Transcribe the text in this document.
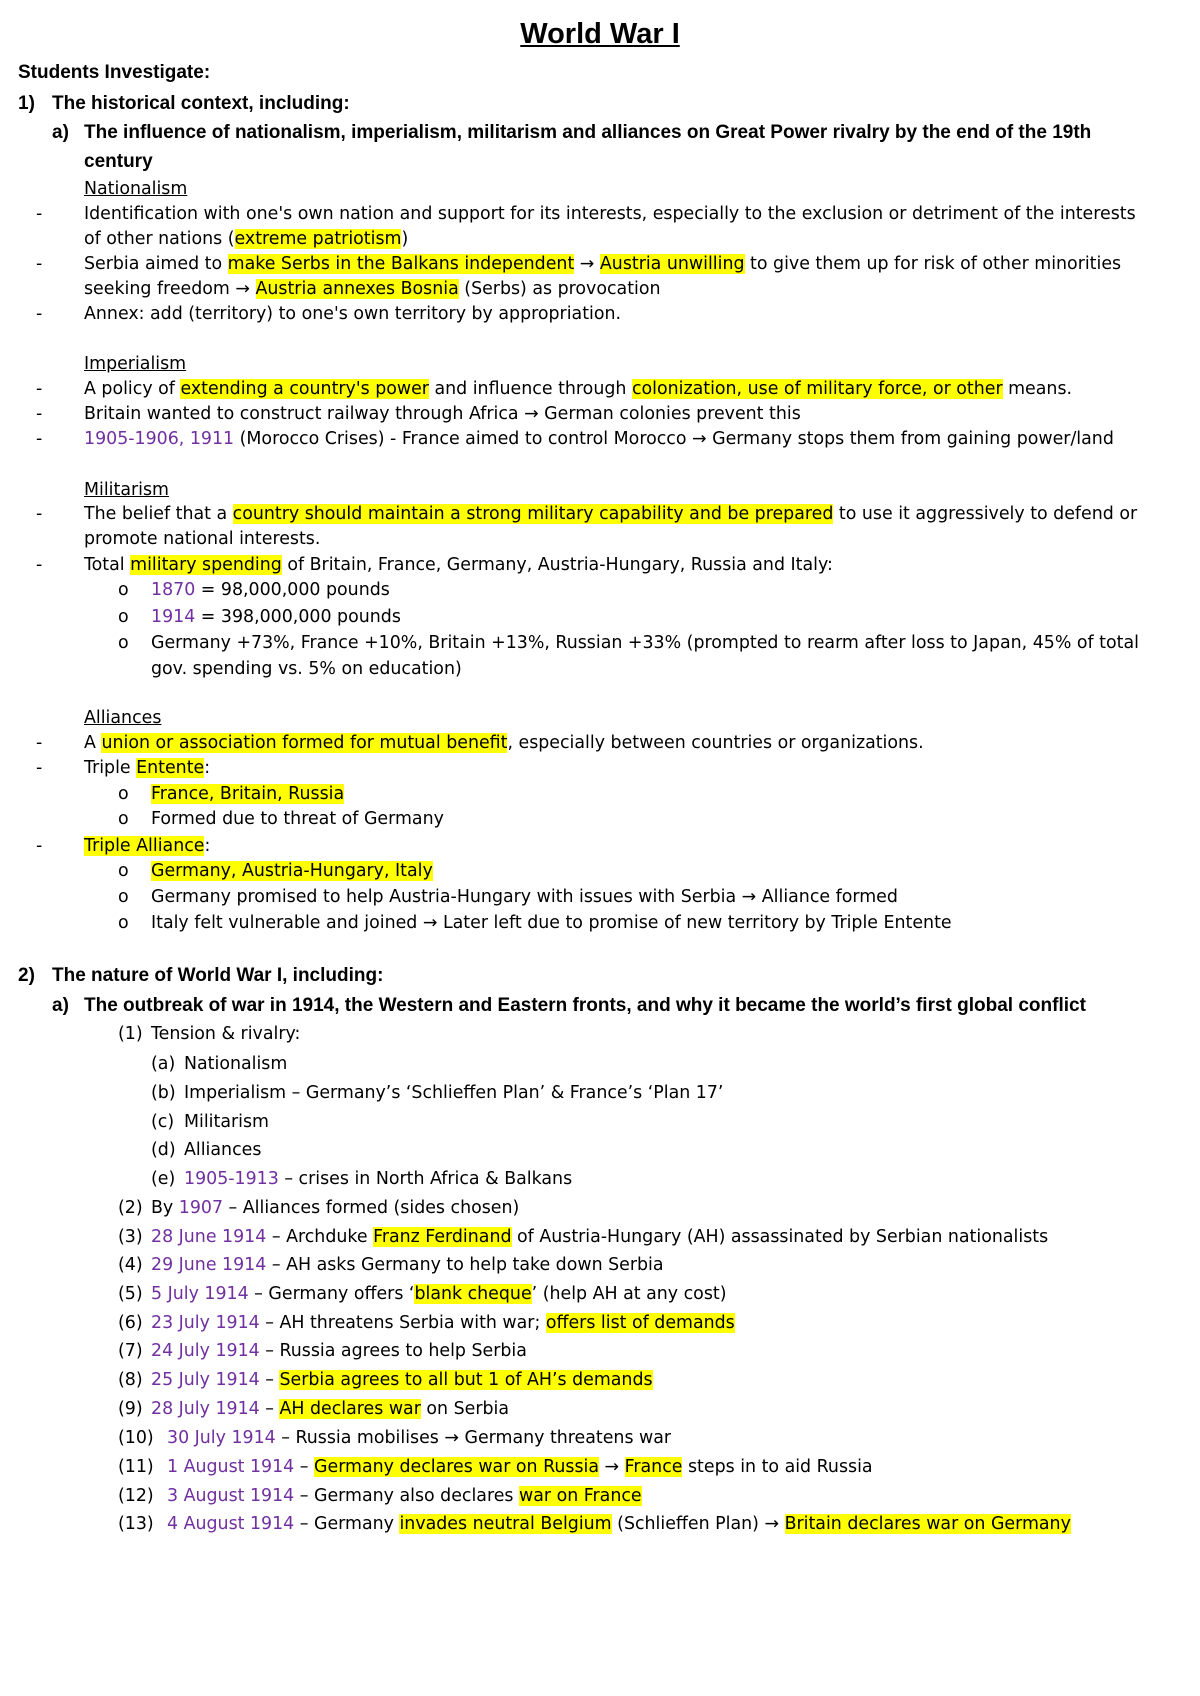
World War I
Students Investigate:
1) The historical context, including:
a) The influence of nationalism, imperialism, militarism and alliances on Great Power rivalry by the end of the 19th
century
Nationalism
- Identification with one's own nation and support for its interests, especially to the exclusion or detriment of the interests
of other nations (extreme patriotism)
- Serbia aimed to make Serbs in the Balkans independent → Austria unwilling to give them up for risk of other minorities
seeking freedom → Austria annexes Bosnia (Serbs) as provocation
- Annex: add (territory) to one's own territory by appropriation.
Imperialism
- A policy of extending a country's power and influence through colonization, use of military force, or other means.
- Britain wanted to construct railway through Africa → German colonies prevent this
- 1905-1906, 1911 (Morocco Crises) - France aimed to control Morocco → Germany stops them from gaining power/land
Militarism
- The belief that a country should maintain a strong military capability and be prepared to use it aggressively to defend or
promote national interests.
- Total military spending of Britain, France, Germany, Austria-Hungary, Russia and Italy:
o 1870 = 98,000,000 pounds
o 1914 = 398,000,000 pounds
o Germany +73%, France +10%, Britain +13%, Russian +33% (prompted to rearm after loss to Japan, 45% of total
gov. spending vs. 5% on education)
Alliances
- A union or association formed for mutual benefit, especially between countries or organizations.
- Triple Entente:
o France, Britain, Russia
o Formed due to threat of Germany
- Triple Alliance:
o Germany, Austria-Hungary, Italy
o Germany promised to help Austria-Hungary with issues with Serbia → Alliance formed
o Italy felt vulnerable and joined → Later left due to promise of new territory by Triple Entente
2) The nature of World War I, including:
a) The outbreak of war in 1914, the Western and Eastern fronts, and why it became the world’s first global conflict
(1) Tension & rivalry:
(a) Nationalism
(b) Imperialism – Germany’s ‘Schlieffen Plan’ & France’s ‘Plan 17’
(c) Militarism
(d) Alliances
(e) 1905-1913 – crises in North Africa & Balkans
(2) By 1907 – Alliances formed (sides chosen)
(3) 28 June 1914 – Archduke Franz Ferdinand of Austria-Hungary (AH) assassinated by Serbian nationalists
(4) 29 June 1914 – AH asks Germany to help take down Serbia
(5) 5 July 1914 – Germany offers ‘blank cheque’ (help AH at any cost)
(6) 23 July 1914 – AH threatens Serbia with war; offers list of demands
(7) 24 July 1914 – Russia agrees to help Serbia
(8) 25 July 1914 – Serbia agrees to all but 1 of AH’s demands
(9) 28 July 1914 – AH declares war on Serbia
(10) 30 July 1914 – Russia mobilises → Germany threatens war
(11) 1 August 1914 – Germany declares war on Russia → France steps in to aid Russia
(12) 3 August 1914 – Germany also declares war on France
(13) 4 August 1914 – Germany invades neutral Belgium (Schlieffen Plan) → Britain declares war on Germany
